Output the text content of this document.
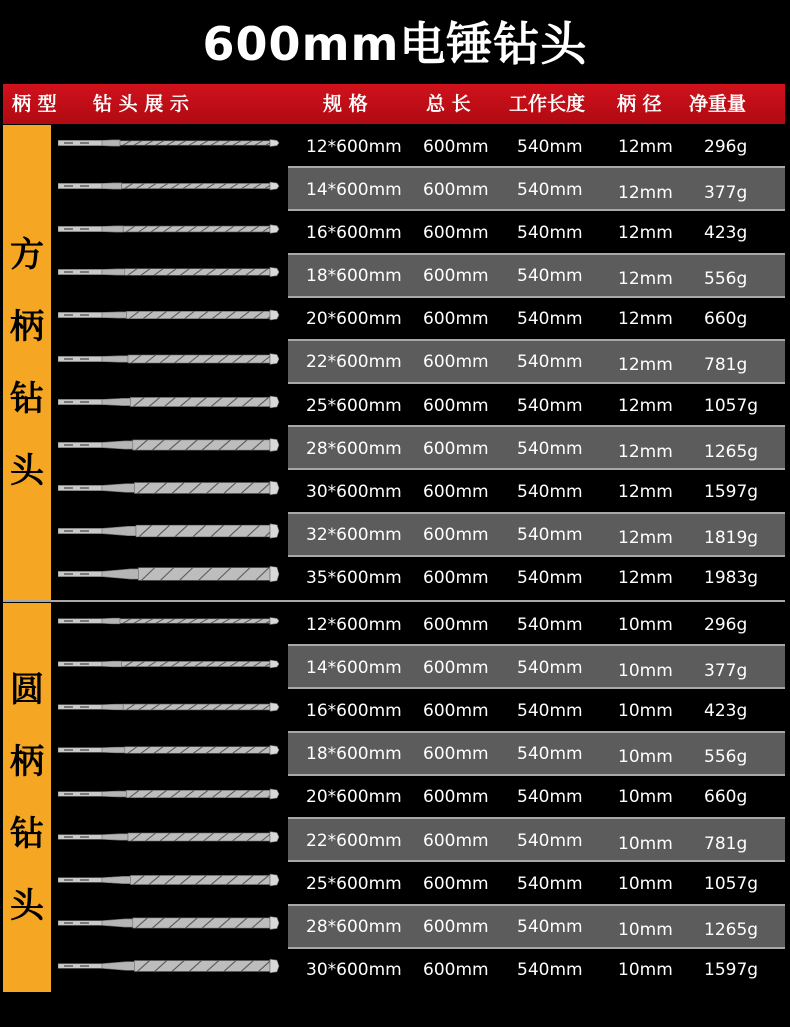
600mm电锤钻头
柄 型 钻 头 展 示	规 格	总 长 工作长度 柄 径 净重量
方
柄
钻
头
12*600mm 600mm 540mm 12mm 296g
14*600mm 600mm 540mm 12mm 377g
16*600mm 600mm 540mm 12mm 423g
18*600mm 600mm 540mm 12mm 556g
20*600mm 600mm 540mm 12mm 660g
22*600mm 600mm 540mm 12mm 781g
25*600mm 600mm 540mm 12mm 1057g
28*600mm 600mm 540mm 12mm 1265g
30*600mm 600mm 540mm 12mm 1597g
32*600mm 600mm 540mm 12mm 1819g
35*600mm 600mm 540mm 12mm 1983g
圆
柄
钻
头
12*600mm 600mm 540mm 10mm 296g
14*600mm 600mm 540mm 10mm 377g
16*600mm 600mm 540mm 10mm 423g
18*600mm 600mm 540mm 10mm 556g
20*600mm 600mm 540mm 10mm 660g
22*600mm 600mm 540mm 10mm 781g
25*600mm 600mm 540mm 10mm 1057g
28*600mm 600mm 540mm 10mm 1265g
30*600mm 600mm 540mm 10mm 1597g
